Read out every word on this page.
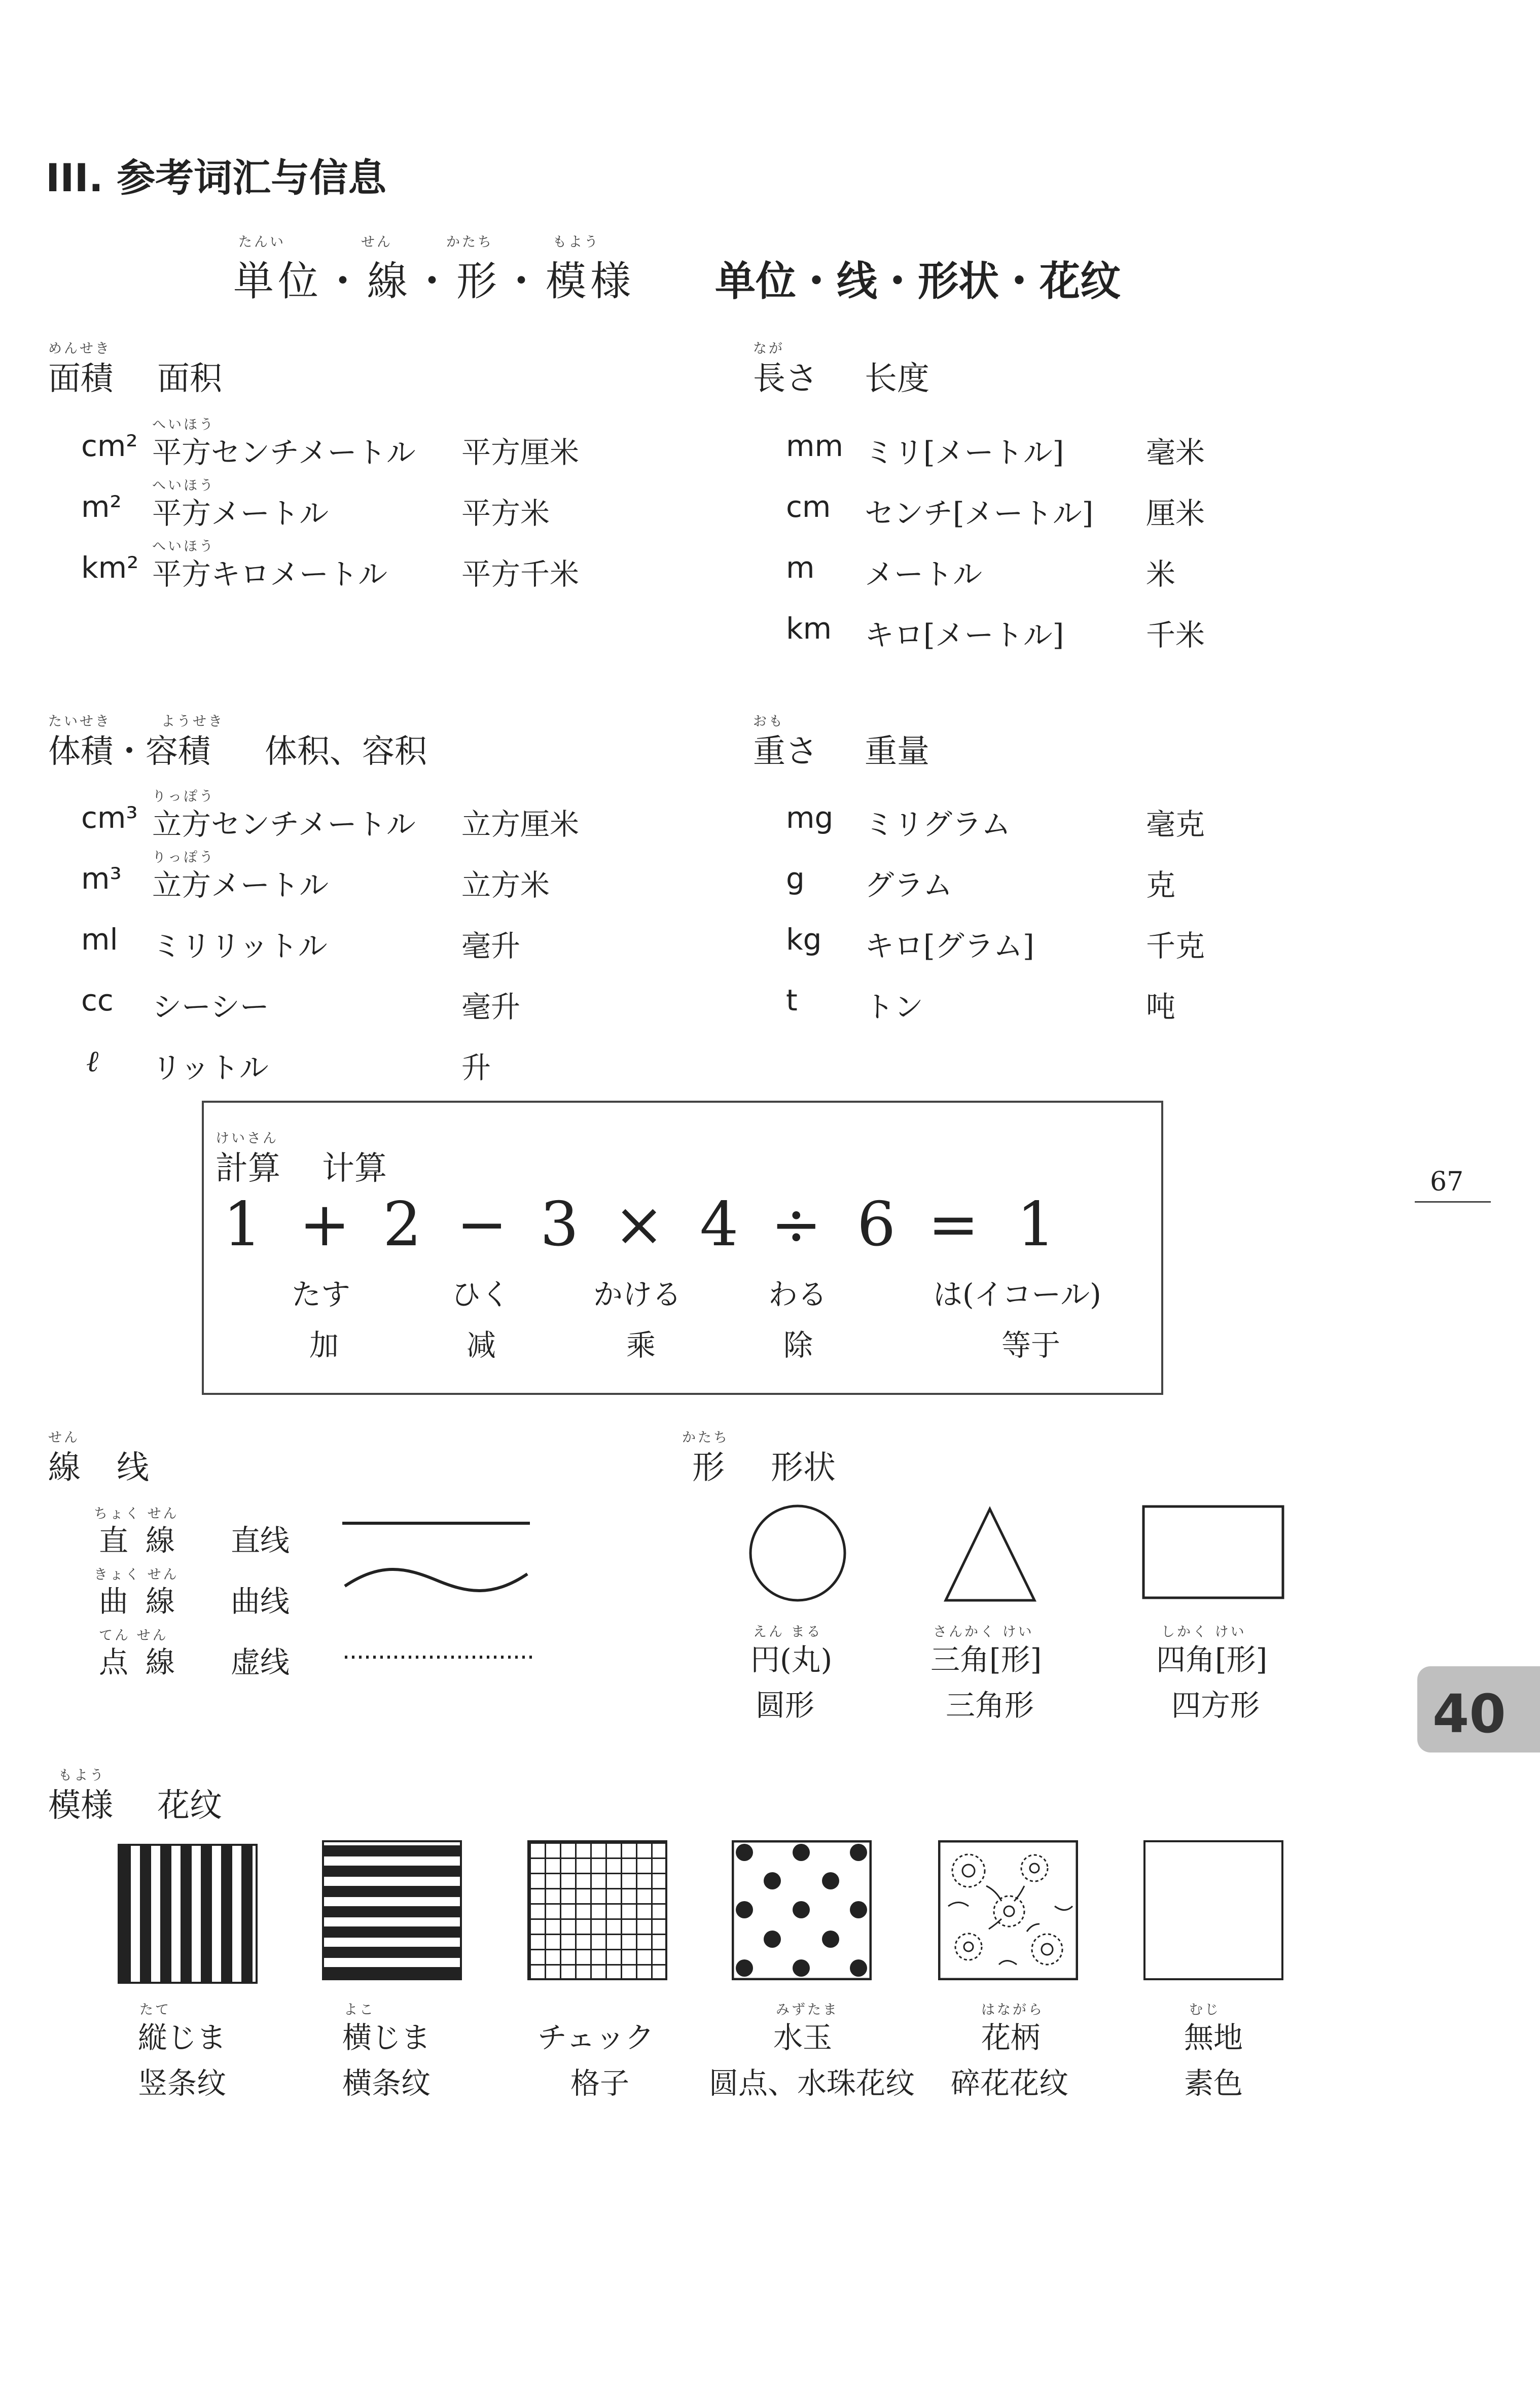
III. 参考词汇与信息
たんい	せん	かたち	もよう
単位・線・形・模様 单位・线・形状・花纹
めんせき
面積 面积
へいほう
cm² 平方センチメートル 平方厘米
へいほう
m² 平方メートル	平方米
へいほう
km² 平方キロメートル	平方千米
なが
長さ 长度
mm ミリ[メートル]	毫米
cm センチ[メートル] 厘米
m メートル	米
km キロ[メートル]	千米
たいせき	ようせき
体積・容積 体积、容积
りっぽう
cm³ 立方センチメートル 立方厘米
りっぽう
m³ 立方メートル	立方米
ml ミリリットル	毫升
cc シーシー	毫升
ℓ リットル	升
おも
重さ 重量
mg ミリグラム	毫克
g グラム	克
kg キロ[グラム]	千克
t トン	吨
けいさん
計算 计算
1 + 2 − 3 × 4 ÷ 6 = 1
たす	ひく	かける	わる	は(イコール)
加	减	乘	除	等于
67
せん
線 线
ちょく せん
直線 直线
きょく せん
曲線 曲线
てん せん
点線 虚线
かたち
形 形状
えん まる
円(丸)
圆形
さんかく けい
三角[形]
三角形
しかく けい
四角[形]
四方形	40
もよう
模様 花纹
たて
縦じま
竖条纹
よこ
横じま
横条纹
チェック
格子
みずたま
水玉
圆点、水珠花纹
はながら
花柄
碎花花纹
むじ
無地
素色
